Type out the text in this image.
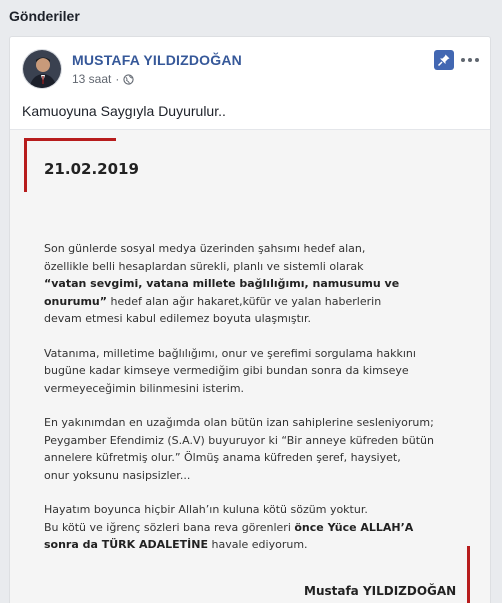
Gönderiler
MUSTAFA YILDIZDOĞAN
13 saat ·
Kamuoyuna Saygıyla Duyurulur..
21.02.2019
Son günlerde sosyal medya üzerinden şahsımı hedef alan,
özellikle belli hesaplardan sürekli, planlı ve sistemli olarak
“vatan sevgimi, vatana millete bağlılığımı, namusumu ve
onurumu” hedef alan ağır hakaret,küfür ve yalan haberlerin
devam etmesi kabul edilemez boyuta ulaşmıştır.
Vatanıma, milletime bağlılığımı, onur ve şerefimi sorgulama hakkını
bugüne kadar kimseye vermediğim gibi bundan sonra da kimseye
vermeyeceğimin bilinmesini isterim.
En yakınımdan en uzağımda olan bütün izan sahiplerine sesleniyorum;
Peygamber Efendimiz (S.A.V) buyuruyor ki “Bir anneye küfreden bütün
annelere küfretmiş olur.” Ölmüş anama küfreden şeref, haysiyet,
onur yoksunu nasipsizler...
Hayatım boyunca hiçbir Allah’ın kuluna kötü sözüm yoktur.
Bu kötü ve iğrenç sözleri bana reva görenleri önce Yüce ALLAH’A
sonra da TÜRK ADALETİNE havale ediyorum.
Mustafa YILDIZDOĞAN
